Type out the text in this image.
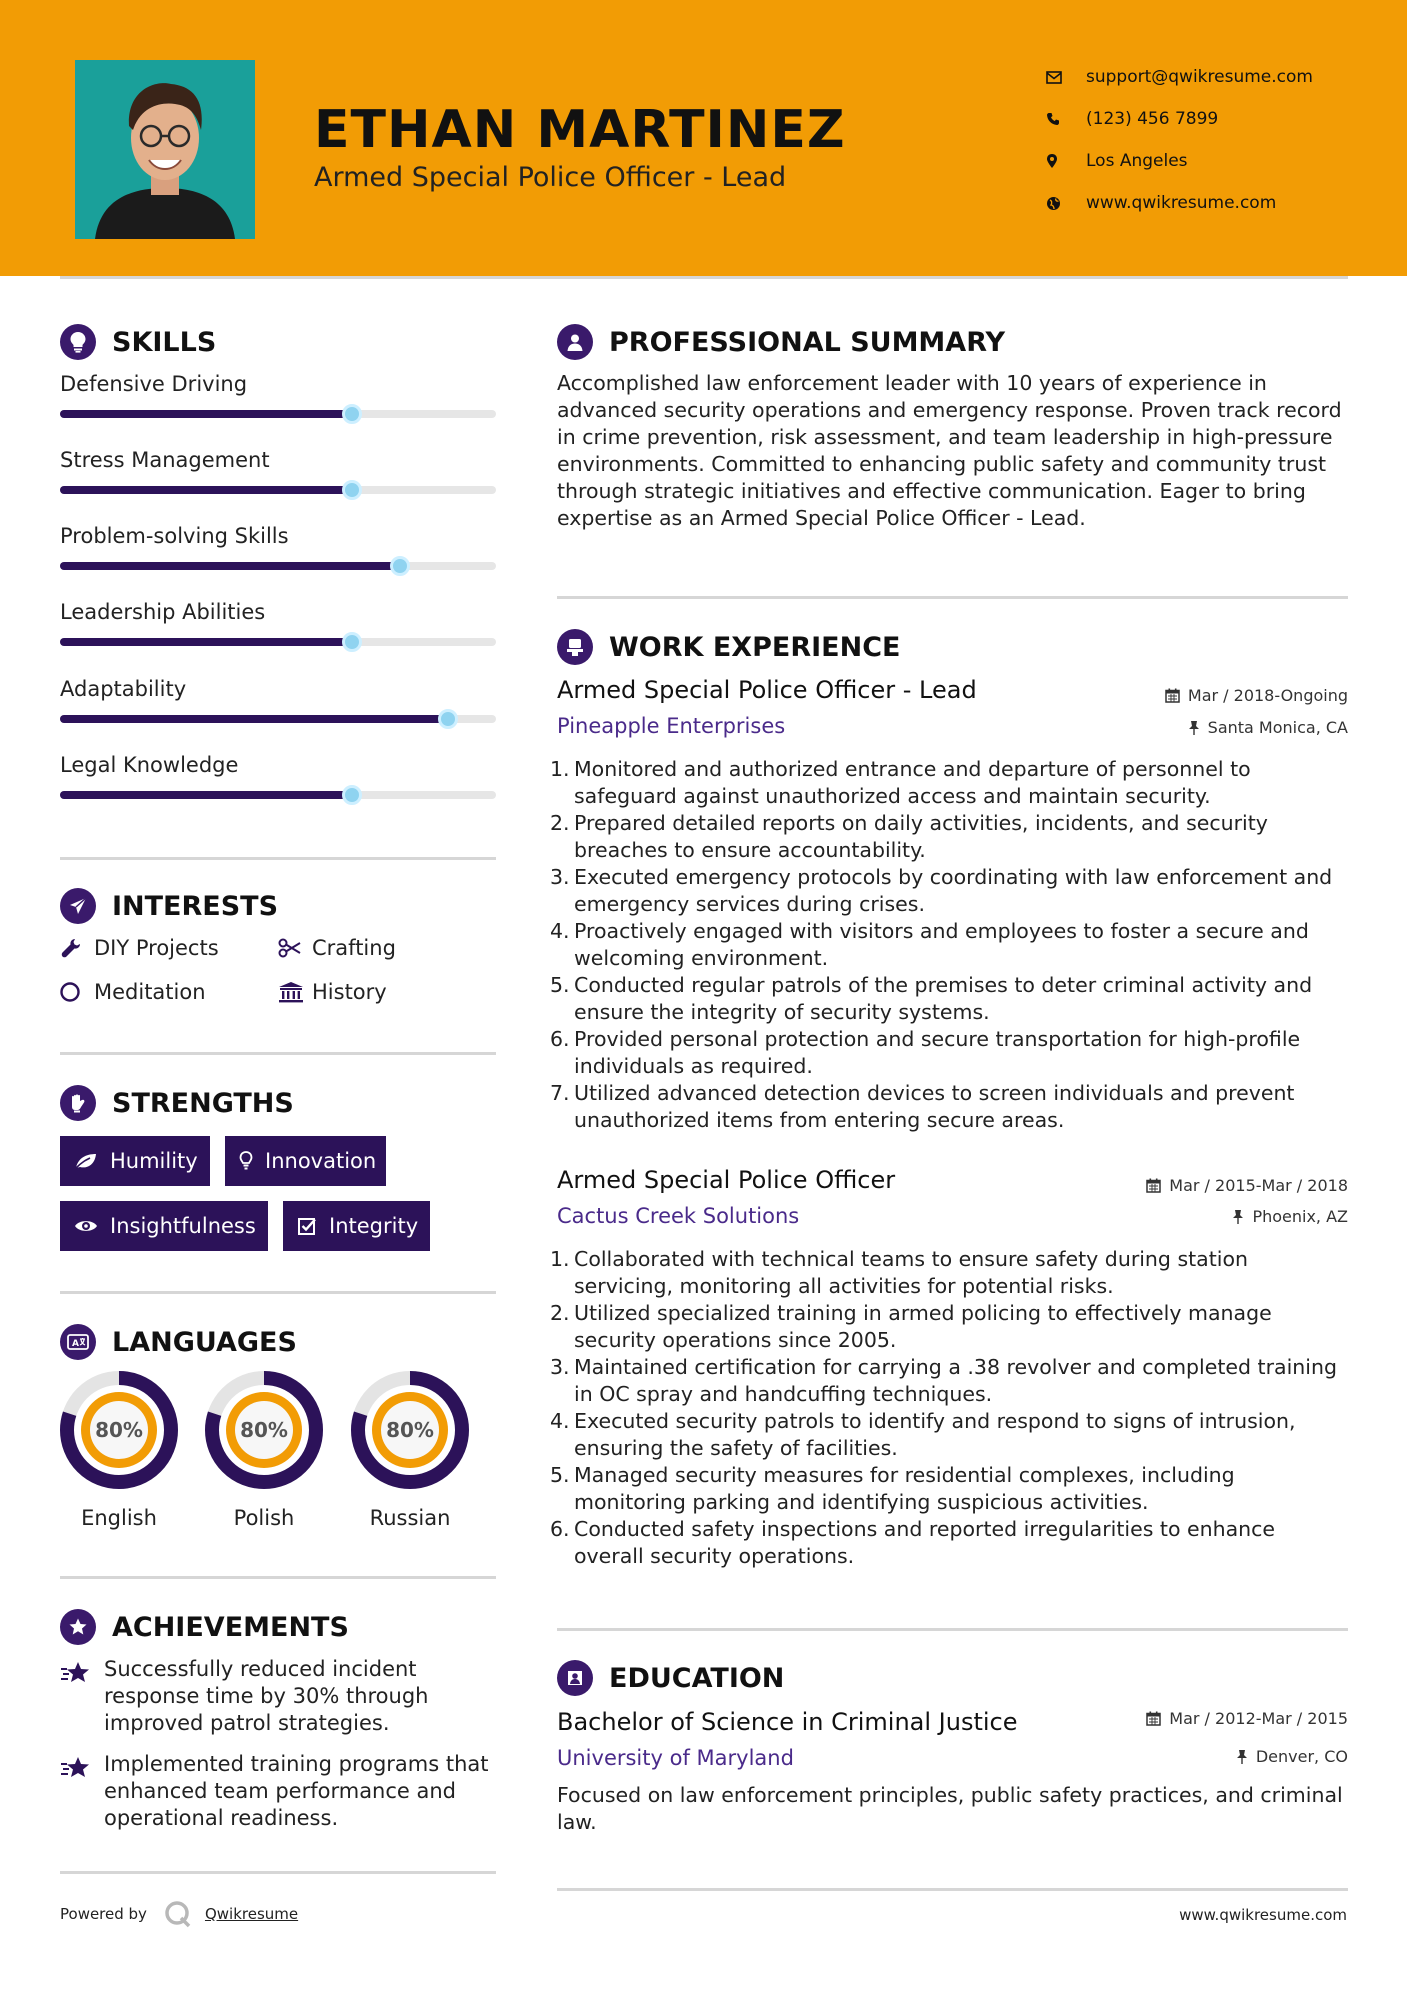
ETHAN MARTINEZ
Armed Special Police Officer - Lead
support@qwikresume.com
(123) 456 7899
Los Angeles
www.qwikresume.com
SKILLS
Defensive Driving
Stress Management
Problem-solving Skills
Leadership Abilities
Adaptability
Legal Knowledge
INTERESTS
DIY Projects	Crafting
Meditation	History
STRENGTHS
Humility	Innovation
Insightfulness	Integrity
A LANGUAGES
80%
English
80%
Polish
80%
Russian
ACHIEVEMENTS
Successfully reduced incident response time by 30% through improved patrol strategies.
Implemented training programs that enhanced team performance and operational readiness.
PROFESSIONAL SUMMARY
Accomplished law enforcement leader with 10 years of experience in advanced security operations and emergency response. Proven track record in crime prevention, risk assessment, and team leadership in high-pressure environments. Committed to enhancing public safety and community trust through strategic initiatives and effective communication. Eager to bring expertise as an Armed Special Police Officer - Lead.
WORK EXPERIENCE
Armed Special Police Officer - Lead	Mar / 2018-Ongoing
Pineapple Enterprises	Santa Monica, CA
1. Monitored and authorized entrance and departure of personnel to safeguard against unauthorized access and maintain security.
2. Prepared detailed reports on daily activities, incidents, and security breaches to ensure accountability.
3. Executed emergency protocols by coordinating with law enforcement and emergency services during crises.
4. Proactively engaged with visitors and employees to foster a secure and welcoming environment.
5. Conducted regular patrols of the premises to deter criminal activity and ensure the integrity of security systems.
6. Provided personal protection and secure transportation for high-profile individuals as required.
7. Utilized advanced detection devices to screen individuals and prevent unauthorized items from entering secure areas.
Armed Special Police Officer	Mar / 2015-Mar / 2018
Cactus Creek Solutions	Phoenix, AZ
1. Collaborated with technical teams to ensure safety during station servicing, monitoring all activities for potential risks.
2. Utilized specialized training in armed policing to effectively manage security operations since 2005.
3. Maintained certification for carrying a .38 revolver and completed training in OC spray and handcuffing techniques.
4. Executed security patrols to identify and respond to signs of intrusion, ensuring the safety of facilities.
5. Managed security measures for residential complexes, including monitoring parking and identifying suspicious activities.
6. Conducted safety inspections and reported irregularities to enhance overall security operations.
EDUCATION
Bachelor of Science in Criminal Justice	Mar / 2012-Mar / 2015
University of Maryland	Denver, CO
Focused on law enforcement principles, public safety practices, and criminal law.
Powered by	Qwikresume	www.qwikresume.com
